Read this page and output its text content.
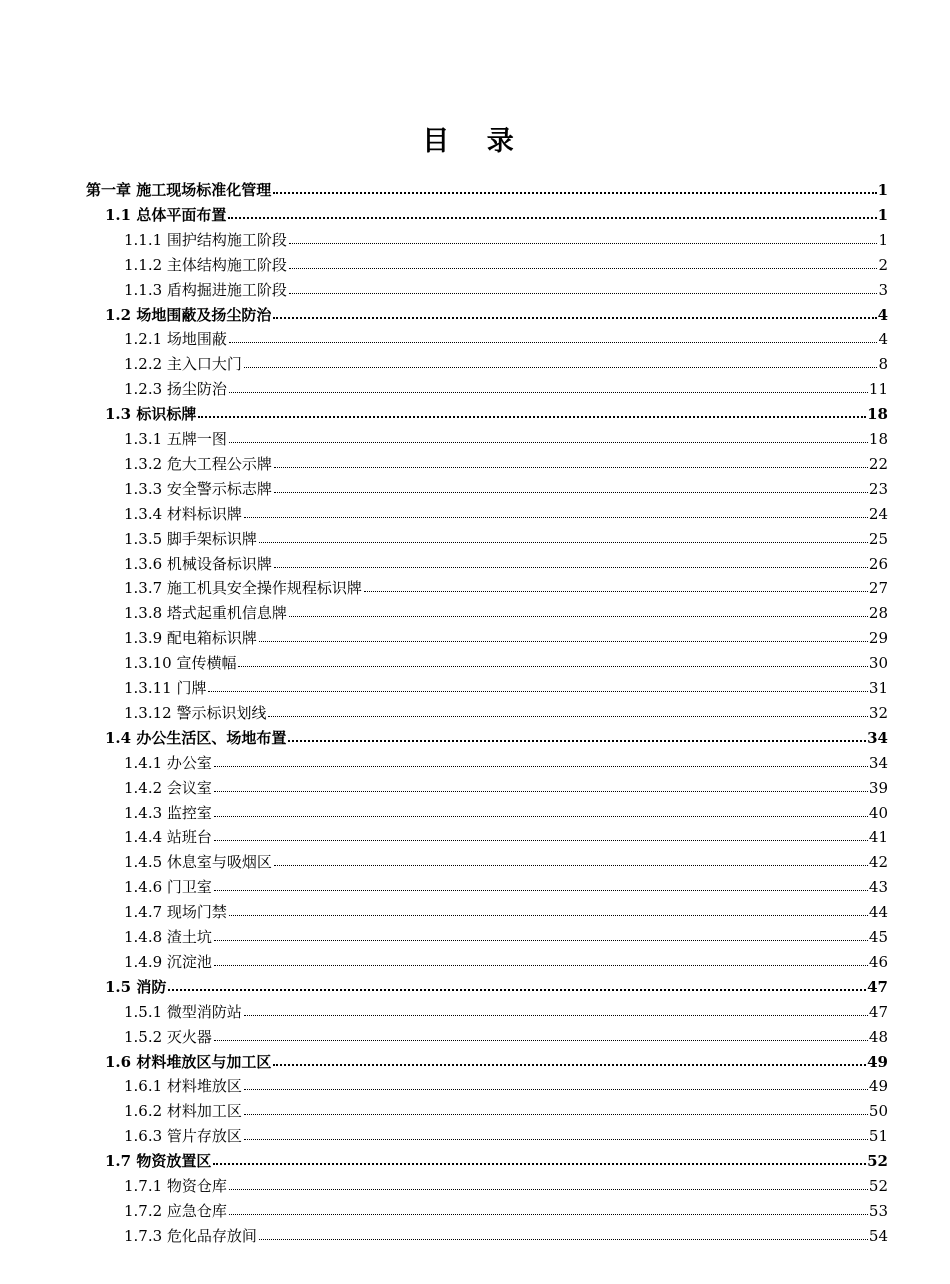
目 录
第一章 施工现场标准化管理	1
1.1 总体平面布置	1
1.1.1 围护结构施工阶段	1
1.1.2 主体结构施工阶段	2
1.1.3 盾构掘进施工阶段	3
1.2 场地围蔽及扬尘防治	4
1.2.1 场地围蔽	4
1.2.2 主入口大门	8
1.2.3 扬尘防治	11
1.3 标识标牌	18
1.3.1 五牌一图	18
1.3.2 危大工程公示牌	22
1.3.3 安全警示标志牌	23
1.3.4 材料标识牌	24
1.3.5 脚手架标识牌	25
1.3.6 机械设备标识牌	26
1.3.7 施工机具安全操作规程标识牌	27
1.3.8 塔式起重机信息牌	28
1.3.9 配电箱标识牌	29
1.3.10 宣传横幅	30
1.3.11 门牌	31
1.3.12 警示标识划线	32
1.4 办公生活区、场地布置	34
1.4.1 办公室	34
1.4.2 会议室	39
1.4.3 监控室	40
1.4.4 站班台	41
1.4.5 休息室与吸烟区	42
1.4.6 门卫室	43
1.4.7 现场门禁	44
1.4.8 渣土坑	45
1.4.9 沉淀池	46
1.5 消防	47
1.5.1 微型消防站	47
1.5.2 灭火器	48
1.6 材料堆放区与加工区	49
1.6.1 材料堆放区	49
1.6.2 材料加工区	50
1.6.3 管片存放区	51
1.7 物资放置区	52
1.7.1 物资仓库	52
1.7.2 应急仓库	53
1.7.3 危化品存放间	54
